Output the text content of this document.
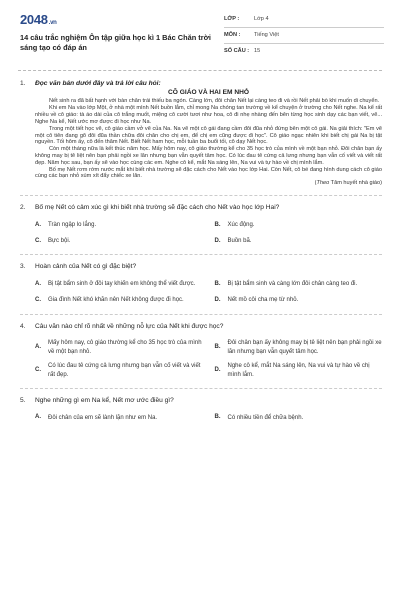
2048.vn
14 câu trắc nghiệm Ôn tập giữa học kì 1 Bác Chăn trời sáng tạo có đáp án
LỚP :	Lớp 4
MÔN :	Tiếng Việt
SỐ CÂU : 15
1.	Đọc văn bản dưới đây và trả lời câu hỏi:
CÔ GIÁO VÀ HAI EM NHỎ
Nết sinh ra đã bất hạnh với bàn chân trái thiếu ba ngón. Càng lớn, đôi chân Nết lại càng teo đi và rồi Nết phải bò khi muốn di chuyển.
Khi em Na vào lớp Một, ở nhà một mình Nết buồn lắm, chỉ mong Na chóng tan trường về kể chuyện ở trường cho Nết nghe. Na kể rất nhiều về cô giáo: tà áo dài của cô trắng muốt, miệng cô cười tươi như hoa, cô đi nhẹ nhàng đến bên từng học sinh dạy các bạn viết, vẽ... Nghe Na kể, Nết ước mơ được đi học như Na.
Trong một tiết học vẽ, cô giáo cầm vở vẽ của Na. Na vẽ một cô gái đang cầm đôi đũa nhỏ đứng bên một cô gái. Na giải thích: "Em vẽ một cô tiên đang gõ đôi đũa thần chữa đôi chân cho chị em, để chị em cũng được đi học". Cô giáo ngạc nhiên khi biết chị gái Na bị tật nguyền. Tối hôm ấy, cô đến thăm Nết. Biết Nết ham học, mỗi tuần ba buổi tối, cô dạy Nết học.
Còn một tháng nữa là kết thúc năm học. Mấy hôm nay, cô giáo thường kể cho 35 học trò của mình về một bạn nhỏ. Đôi chân bạn ấy không may bị tê liệt nên bạn phải ngồi xe lăn nhưng bạn vẫn quyết tâm học. Có lúc đau tê cứng cả lưng nhưng bạn vẫn cố viết và viết rất đẹp. Năm học sau, bạn ấy sẽ vào học cùng các em. Nghe cô kể, mắt Na sáng lên, Na vui và tự hào về chị mình lắm.
Bố mẹ Nết rơm rớm nước mắt khi biết nhà trường sẽ đặc cách cho Nết vào học lớp Hai. Còn Nết, cô bé đang hình dung cách cô giáo cùng các bạn nhỏ xúm xít đẩy chiếc xe lăn.
(Theo Tâm huyết nhà giáo)
2.	Bố mẹ Nết có cảm xúc gì khi biết nhà trường sẽ đặc cách cho Nết vào học lớp Hai?
A.	Tràn ngập lo lắng.	B.	Xúc động.
C.	Bực bội.	D.	Buồn bã.
3.	Hoàn cảnh của Nết có gì đặc biệt?
A.	Bị tật bẩm sinh ở đôi tay khiến em không thể viết được.	B.	Bị tật bẩm sinh và càng lớn đôi chân càng teo đi.
C.	Gia đình Nết khó khăn nên Nết không được đi học.	D.	Nết mồ côi cha mẹ từ nhỏ.
4.	Câu văn nào chỉ rõ nhất về những nỗ lực của Nết khi được học?
A.
Mấy hôm nay, cô giáo thường kể cho 35 học trò của mình về một bạn nhỏ.
B.
Đôi chân bạn ấy không may bị tê liệt nên bạn phải ngồi xe lăn nhưng bạn vẫn quyết tâm học.
C.
Có lúc đau tê cứng cả lưng nhưng bạn vẫn cố viết và viết rất đẹp.
D.
Nghe cô kể, mắt Na sáng lên, Na vui và tự hào về chị mình lắm.
5.	Nghe những gì em Na kể, Nết mơ ước điều gì?
A.	Đôi chân của em sẽ lành lặn như em Na.	B.	Có nhiều tiền để chữa bệnh.
